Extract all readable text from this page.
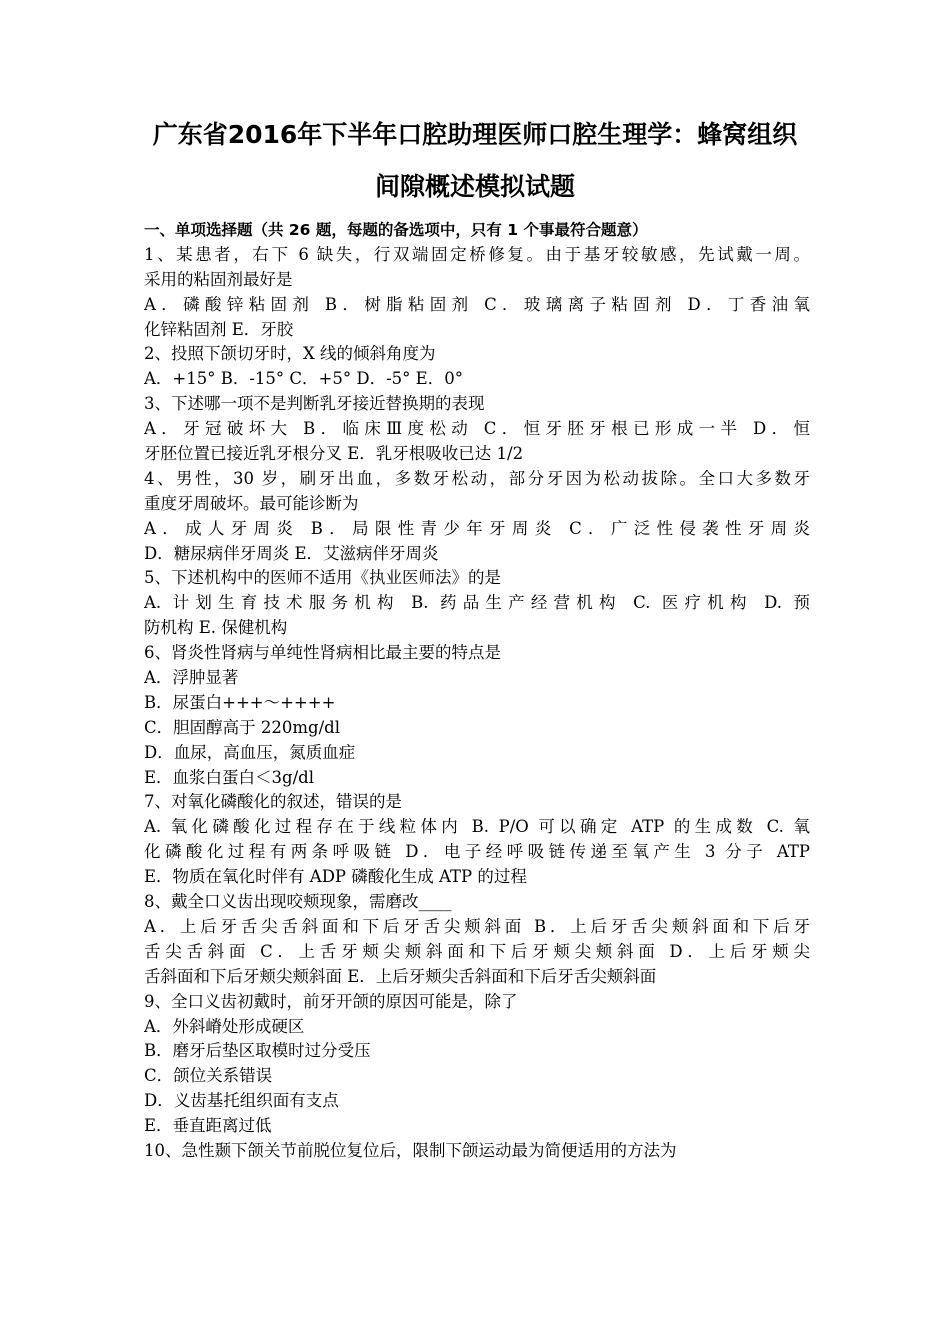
广东省2016年下半年口腔助理医师口腔生理学：蜂窝组织
间隙概述模拟试题
一、单项选择题（共 26 题，每题的备选项中，只有 1 个事最符合题意）
1、某患者，右下 6 缺失，行双端固定桥修复。由于基牙较敏感，先试戴一周。
采用的粘固剂最好是
A．磷酸锌粘固剂 B．树脂粘固剂 C．玻璃离子粘固剂 D．丁香油氧
化锌粘固剂 E．牙胶
2、投照下颌切牙时，X 线的倾斜角度为
A．+15° B．-15° C．+5° D．-5° E．0°
3、下述哪一项不是判断乳牙接近替换期的表现
A．牙冠破坏大 B．临床Ⅲ度松动 C．恒牙胚牙根已形成一半 D．恒
牙胚位置已接近乳牙根分叉 E．乳牙根吸收已达 1/2
4、男性，30 岁，刷牙出血，多数牙松动，部分牙因为松动拔除。全口大多数牙
重度牙周破坏。最可能诊断为
A．成人牙周炎 B．局限性青少年牙周炎 C．广泛性侵袭性牙周炎
D．糖尿病伴牙周炎 E．艾滋病伴牙周炎
5、下述机构中的医师不适用《执业医师法》的是
A. 计划生育技术服务机构 B. 药品生产经营机构 C. 医疗机构 D. 预
防机构 E. 保健机构
6、肾炎性肾病与单纯性肾病相比最主要的特点是
A．浮肿显著
B．尿蛋白+++～++++
C．胆固醇高于 220mg/dl
D．血尿，高血压，氮质血症
E．血浆白蛋白＜3g/dl
7、对氧化磷酸化的叙述，错误的是
A. 氧化磷酸化过程存在于线粒体内 B. P/O 可以确定 ATP 的生成数 C. 氧
化磷酸化过程有两条呼吸链 D．电子经呼吸链传递至氧产生 3 分子 ATP
E．物质在氧化时伴有 ADP 磷酸化生成 ATP 的过程
8、戴全口义齿出现咬颊现象，需磨改____
A．上后牙舌尖舌斜面和下后牙舌尖颊斜面 B．上后牙舌尖颊斜面和下后牙
舌尖舌斜面 C．上舌牙颊尖颊斜面和下后牙颊尖颊斜面 D．上后牙颊尖
舌斜面和下后牙颊尖颊斜面 E．上后牙颊尖舌斜面和下后牙舌尖颊斜面
9、全口义齿初戴时，前牙开颌的原因可能是，除了
A．外斜嵴处形成硬区
B．磨牙后垫区取模时过分受压
C．颌位关系错误
D．义齿基托组织面有支点
E．垂直距离过低
10、急性颞下颌关节前脱位复位后，限制下颌运动最为简便适用的方法为
